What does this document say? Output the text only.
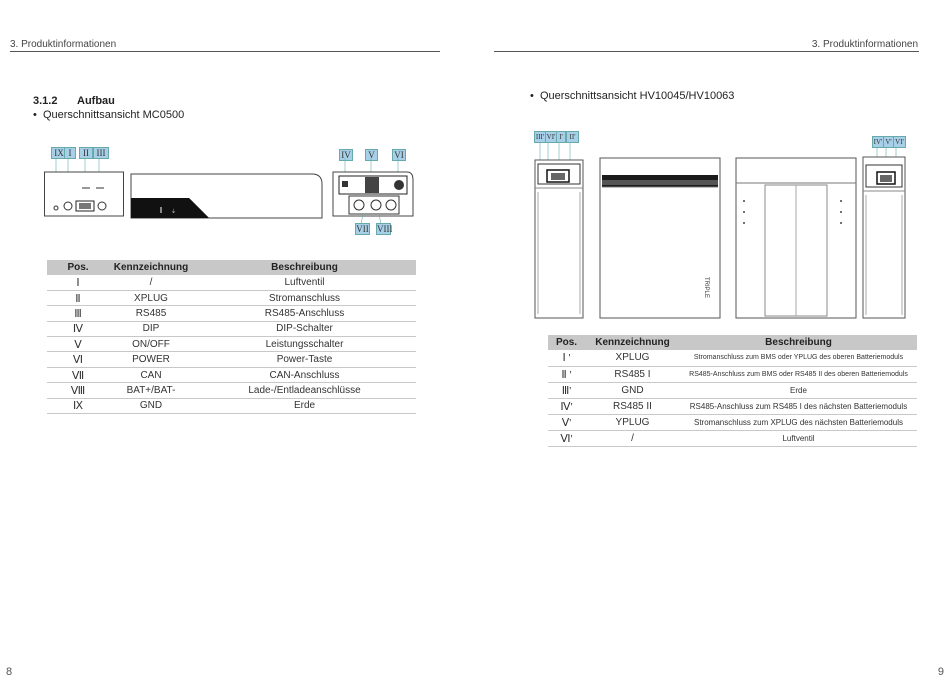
3. Produktinformationen
3.1.2 Aufbau
•  Querschnittsansicht MC0500
IX I	II III	IV	V	VI
VII VIII
⏚
Pos.	Kennzeichnung	Beschreibung
Ⅰ	/	Luftventil
Ⅱ	XPLUG	Stromanschluss
Ⅲ	RS485	RS485-Anschluss
Ⅳ	DIP	DIP-Schalter
Ⅴ	ON/OFF	Leistungsschalter
Ⅵ	POWER	Power-Taste
Ⅶ	CAN	CAN-Anschluss
Ⅷ	BAT+/BAT-	Lade-/Entladeanschlüsse
Ⅸ	GND	Erde
8
3. Produktinformationen
•  Querschnittsansicht HV10045/HV10063
III' VI' I' II'
IV' V' VI'
TRIPLE
Pos.	Kennzeichnung	Beschreibung
Ⅰ '	XPLUG	Stromanschluss zum BMS oder YPLUG des oberen Batteriemoduls
Ⅱ '	RS485 I	RS485-Anschluss zum BMS oder RS485 II des oberen Batteriemoduls
Ⅲ'	GND	Erde
Ⅳ'	RS485 II	RS485-Anschluss zum RS485 I des nächsten Batteriemoduls
Ⅴ'	YPLUG	Stromanschluss zum XPLUG des nächsten Batteriemoduls
Ⅵ'	/	Luftventil
9
